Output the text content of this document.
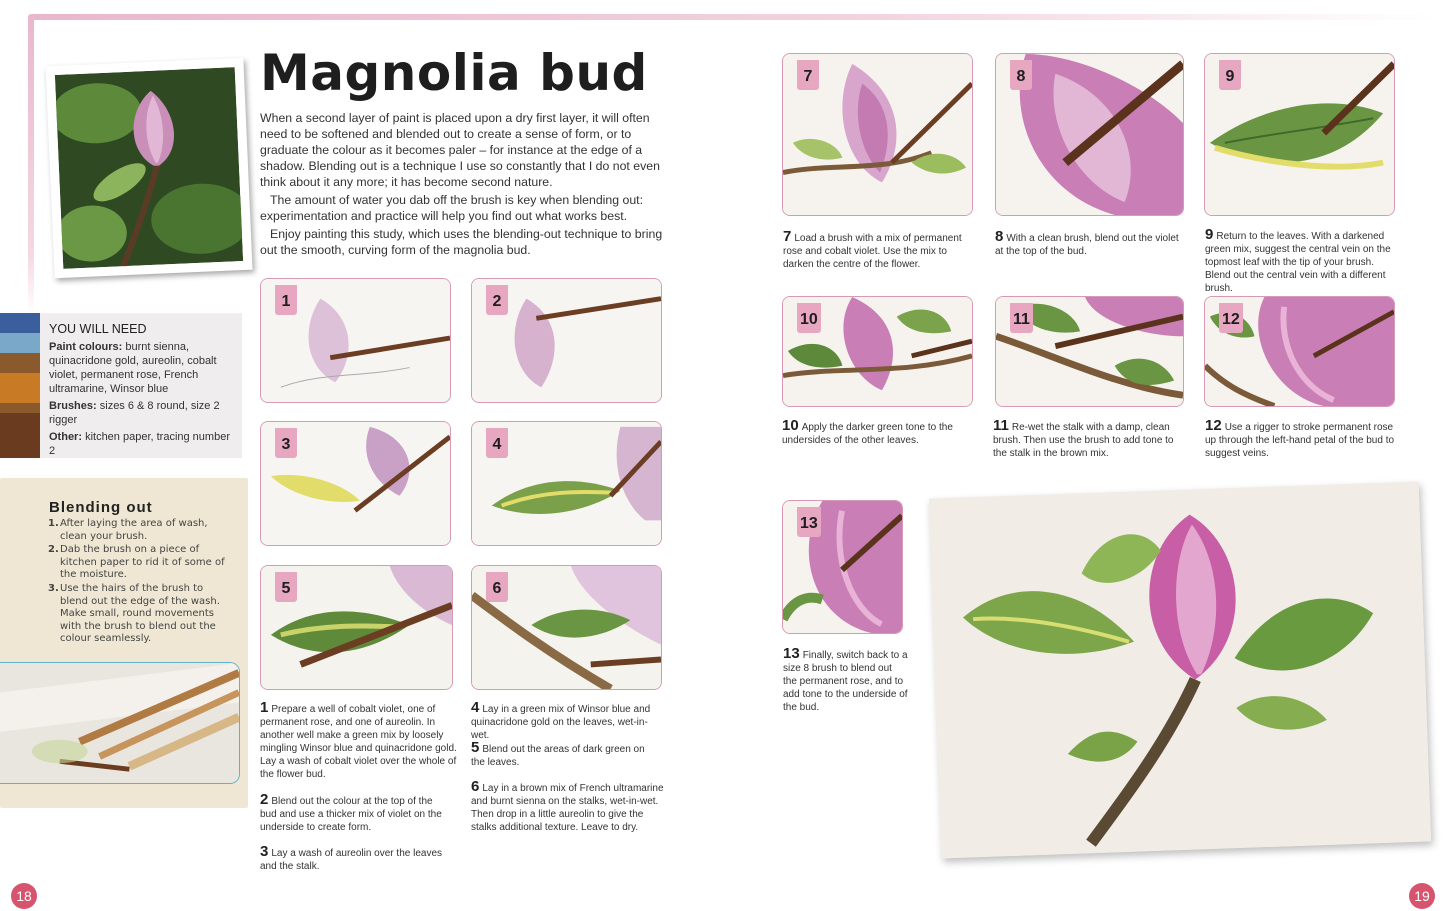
Magnolia bud

When a second layer of paint is placed upon a dry first layer, it will often need to be softened and blended out to create a sense of form, or to graduate the colour as it becomes paler – for instance at the edge of a shadow. Blending out is a technique I use so constantly that I do not even think about it any more; it has become second nature.

The amount of water you dab off the brush is key when blending out: experimentation and practice will help you find out what works best.

Enjoy painting this study, which uses the blending-out technique to bring out the smooth, curving form of the magnolia bud.

YOU WILL NEED

Paint colours: burnt sienna, quinacridone gold, aureolin, cobalt violet, permanent rose, French ultramarine, Winsor blue

Brushes: sizes 6 & 8 round, size 2 rigger

Other: kitchen paper, tracing number 2

Blending out
1. After laying the area of wash, clean your brush.
2. Dab the brush on a piece of kitchen paper to rid it of some of the moisture.
3. Use the hairs of the brush to blend out the edge of the wash. Make small, round movements with the brush to blend out the colour seamlessly.
1	2
3	4
5	6
7	8	9
10	11	12
13
1 Prepare a well of cobalt violet, one of permanent rose, and one of aureolin. In another well make a green mix by loosely mingling Winsor blue and quinacridone gold. Lay a wash of cobalt violet over the whole of the flower bud.
2 Blend out the colour at the top of the bud and use a thicker mix of violet on the underside to create form.
3 Lay a wash of aureolin over the leaves and the stalk.
4 Lay in a green mix of Winsor blue and quinacridone gold on the leaves, wet-in-wet.
5 Blend out the areas of dark green on the leaves.
6 Lay in a brown mix of French ultramarine and burnt sienna on the stalks, wet-in-wet. Then drop in a little aureolin to give the stalks additional texture. Leave to dry.
7 Load a brush with a mix of permanent rose and cobalt violet. Use the mix to darken the centre of the flower.
8 With a clean brush, blend out the violet at the top of the bud.
9 Return to the leaves. With a darkened green mix, suggest the central vein on the topmost leaf with the tip of your brush. Blend out the central vein with a different brush.
10 Apply the darker green tone to the undersides of the other leaves.
11 Re-wet the stalk with a damp, clean brush. Then use the brush to add tone to the stalk in the brown mix.
12 Use a rigger to stroke permanent rose up through the left-hand petal of the bud to suggest veins.
13 Finally, switch back to a size 8 brush to blend out the permanent rose, and to add tone to the underside of the bud.
18	19
